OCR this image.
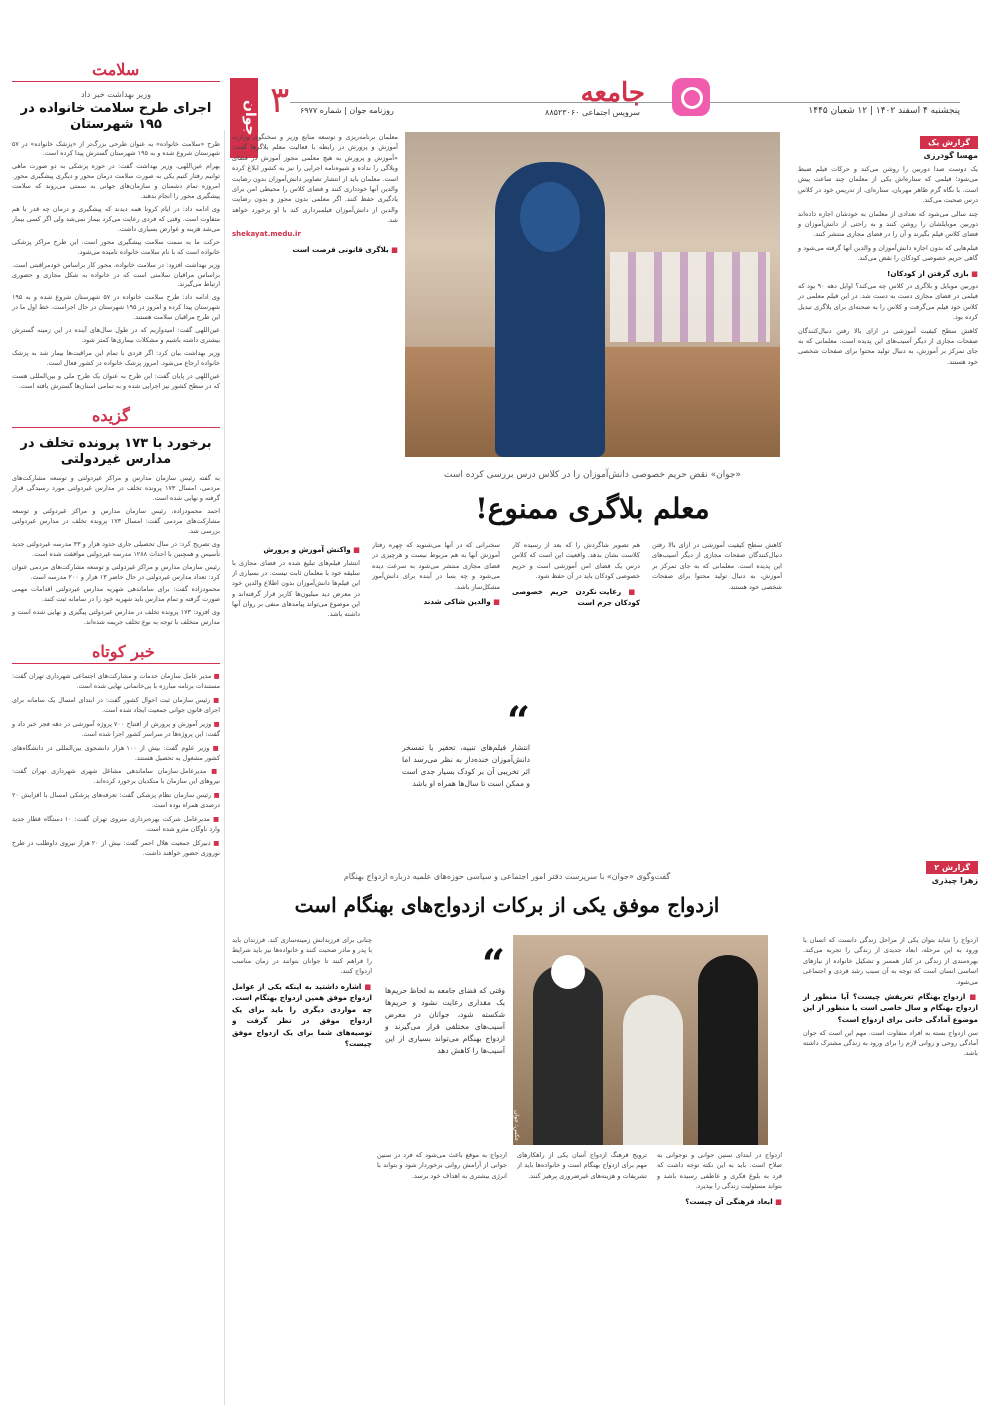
جوان ۳ روزنامه جوان | شماره ۶۹۷۷
جامعه
سرویس اجتماعی ۸۸۵۲۳۰۶۰	پنجشنبه ۴ اسفند ۱۴۰۲ | ۱۲ شعبان ۱۴۴۵
سلامت
وزیر بهداشت خبر داد
اجرای طرح سلامت خانواده در ۱۹۵ شهرستان

طرح «سلامت خانواده» به عنوان طرحی بزرگ‌تر از «پزشک خانواده» در ۵۷ شهرستان شروع شده و به ۱۹۵ شهرستان گسترش پیدا کرده است.

بهرام عین‌اللهی، وزیر بهداشت گفت: در حوزه پزشکی به دو صورت ماهی توانیم رفتار کنیم یکی به صورت سلامت درمان محور و دیگری پیشگیری محور. امروزه تمام دشمنان و سازمان‌های جهانی به سمتی می‌روند که سلامت پیشگیری محور را انجام بدهند.

وی ادامه داد: در ایام کرونا همه دیدند که پیشگیری و درمان چه قدر با هم متفاوت است. وقتی که فردی رعایت می‌کرد بیمار نمی‌شد ولی اگر کسی بیمار می‌شد هزینه و عوارض بسیاری داشت.

حرکت ما به سمت سلامت پیشگیری محور است. این طرح مراکز پزشکی خانواده است که با نام سلامت خانواده نامیده می‌شود.

وزیر بهداشت افزود: در سلامت خانواده، محور کار براساس خودمراقبتی است. براساس مراقبان سلامتی است که در خانواده به شکل مجازی و حضوری ارتباط می‌گیرند.

وی ادامه داد: طرح سلامت خانواده در ۵۷ شهرستان شروع شده و به ۱۹۵ شهرستان پیدا کرده و امروز در ۱۹۵ شهرستان در حال اجراست. خط اول ما در این طرح مراقبان سلامت هستند.

عین‌اللهی گفت: امیدواریم که در طول سال‌های آینده در این زمینه گسترش بیشتری داشته باشیم و مشکلات بیماری‌ها کمتر شود.

وزیر بهداشت بیان کرد: اگر فردی با تمام این مراقبت‌ها بیمار شد به پزشک خانواده ارجاع می‌شود. امروز پزشک خانواده در کشور فعال است.

عین‌اللهی در پایان گفت: این طرح به عنوان یک طرح ملی و بین‌المللی هست که در سطح کشور نیز اجرایی شده و به تمامی استان‌ها گسترش یافته است.

گزیده
برخورد با ۱۷۳ پرونده تخلف در مدارس غیردولتی

به گفته رئیس سازمان مدارس و مراکز غیردولتی و توسعه مشارکت‌های مردمی، امسال ۱۷۳ پرونده تخلف در مدارس غیردولتی مورد رسیدگی قرار گرفته و نهایی شده است.

احمد محمودزاده، رئیس سازمان مدارس و مراکز غیردولتی و توسعه مشارکت‌های مردمی گفت: امسال ۱۷۳ پرونده تخلف در مدارس غیردولتی بررسی شد.

وی تصریح کرد: در سال تحصیلی جاری حدود هزار و ۴۳ مدرسه غیردولتی جدید تأسیس و همچنین با احداث ۱۲۸۸ مدرسه غیردولتی موافقت شده است.

رئیس سازمان مدارس و مراکز غیردولتی و توسعه مشارکت‌های مردمی عنوان کرد: تعداد مدارس غیردولتی در حال حاضر ۱۳ هزار و ۲۰۰ مدرسه است.

محمودزاده گفت: برای ساماندهی شهریه مدارس غیردولتی اقدامات مهمی صورت گرفته و تمام مدارس باید شهریه خود را در سامانه ثبت کنند.

وی افزود: ۱۷۳ پرونده تخلف در مدارس غیردولتی پیگیری و نهایی شده است و مدارس متخلف با توجه به نوع تخلف جریمه شده‌اند.

خبر کوتاه
■ مدیر عامل سازمان خدمات و مشارکت‌های اجتماعی شهرداری تهران گفت: مستندات برنامه مبارزه با بی‌خانمانی نهایی شده است.
■ رئیس سازمان ثبت احوال کشور گفت: در ابتدای امسال یک سامانه برای اجرای قانون جوانی جمعیت ایجاد شده است.
■ وزیر آموزش و پرورش از افتتاح ۷۰۰ پروژه آموزشی در دهه فجر خبر داد و گفت: این پروژه‌ها در سراسر کشور اجرا شده است.
■ وزیر علوم گفت: بیش از ۱۰۰ هزار دانشجوی بین‌المللی در دانشگاه‌های کشور مشغول به تحصیل هستند.
■ مدیرعامل سازمان ساماندهی مشاغل شهری شهرداری تهران گفت: نیروهای این سازمان با متکدیان برخورد کرده‌اند.
■ رئیس سازمان نظام پزشکی گفت: تعرفه‌های پزشکی امسال با افزایش ۲۰ درصدی همراه بوده است.
■ مدیرعامل شرکت بهره‌برداری متروی تهران گفت: ۱۰ دستگاه قطار جدید وارد ناوگان مترو شده است.
■ دبیرکل جمعیت هلال احمر گفت: بیش از ۲۰ هزار نیروی داوطلب در طرح نوروزی حضور خواهند داشت.
گزارش یک
مهسا گودرزی

یک دوست صدا دوربین را روشن می‌کند و حرکات فیلم ضبط می‌شود؛ فیلمی که ستاره‌اش یکی از معلمان چند ساعت پیش است. با نگاه گرم ظاهر مهربان، ستاره‌ای، از تدریس خود در کلاس درس صحبت می‌کند.

چند سالی می‌شود که تعدادی از معلمان به خودشان اجازه داده‌اند دوربین موبایلشان را روشن کنند و به راحتی از دانش‌آموزان و فضای کلاس فیلم بگیرند و آن را در فضای مجازی منتشر کنند.

فیلم‌هایی که بدون اجازه دانش‌آموزان و والدین آنها گرفته می‌شود و گاهی حریم خصوصی کودکان را نقض می‌کند.

■ بازی گرفتن از کودکان!

دوربین موبایل و بلاگری در کلاس چه می‌کند؟ اوایل دهه ۹۰ بود که فیلمی در فضای مجازی دست به دست شد. در این فیلم معلمی در کلاس خود فیلم می‌گرفت و کلاس را به صحنه‌ای برای بلاگری تبدیل کرده بود.

کاهش سطح کیفیت آموزشی در ازای بالا رفتن دنبال‌کنندگان صفحات مجازی از دیگر آسیب‌های این پدیده است. معلمانی که به جای تمرکز بر آموزش، به دنبال تولید محتوا برای صفحات شخصی خود هستند.

معلمان برنامه‌ریزی و توسعه منابع وزیر و سخنگوی وزارت آموزش و پرورش در رابطه با فعالیت معلم بلاگرها گفت: «آموزش و پرورش به هیچ معلمی مجوز آموزش در فضای ویلاگی را نداده و شیوه‌نامه اجرایی را نیز به کشور ابلاغ کرده است. معلمان باید از انتشار تصاویر دانش‌آموزان بدون رضایت والدین آنها خودداری کنند و فضای کلاس را محیطی امن برای یادگیری حفظ کنند. اگر معلمی بدون مجوز و بدون رضایت والدین از دانش‌آموزان فیلمبرداری کند با او برخورد خواهد شد.

shekayat.medu.ir
■ بلاگری قانونی فرصت است
«جوان» نقض حریم خصوصی دانش‌آموزان را در کلاس درس بررسی کرده است
معلم بلاگری ممنوع!
■ واکنش آموزش و پرورش

انتشار فیلم‌های تبلیغ شده در فضای مجازی با سلیقه خود با معلمان ثابت نیست. در بسیاری از این فیلم‌ها دانش‌آموزان بدون اطلاع والدین خود در معرض دید میلیون‌ها کاربر قرار گرفته‌اند و این موضوع می‌تواند پیامدهای منفی بر روان آنها داشته باشد.

سخنرانی که در آنها می‌شنوید که چهره رفتار آموزش آنها به هم مربوط نیست و هرچیزی در فضای مجازی منتشر می‌شود به سرعت دیده می‌شود و چه بسا در آینده برای دانش‌آموز مشکل‌ساز باشد.

■ والدین شاکی شدند

هم تصویر شاگردش را که بعد از رسیده کار کلاست نشان بدهد. واقعیت این است که کلاس درس یک فضای امن آموزشی است و حریم خصوصی کودکان باید در آن حفظ شود.

■ رعایت نکردن حریم خصوصی کودکان جرم است

کاهش سطح کیفیت آموزشی در ازای بالا رفتن دنبال‌کنندگان صفحات مجازی از دیگر آسیب‌های این پدیده است. معلمانی که به جای تمرکز بر آموزش، به دنبال تولید محتوا برای صفحات شخصی خود هستند.

“
انتشار فیلم‌های تنبیه، تحقیر یا تمسخر دانش‌آموزان خنده‌دار به نظر می‌رسد اما اثر تخریبی آن بر کودک بسیار جدی است و ممکن است تا سال‌ها همراه او باشد
گزارش ۲
زهرا چیذری
گفت‌وگوی «جوان» با سرپرست دفتر امور اجتماعی و سیاسی حوزه‌های علمیه درباره ازدواج بهنگام
ازدواج موفق یکی از برکات ازدواج‌های بهنگام است
عکس: جوان

ازدواج را شاید بتوان یکی از مراحل زندگی دانست که انسان با ورود به این مرحله، ابعاد جدیدی از زندگی را تجربه می‌کند. بهره‌مندی از زندگی در کنار همسر و تشکیل خانواده از نیازهای اساسی انسان است که توجه به آن سبب رشد فردی و اجتماعی می‌شود.

■ ازدواج بهنگام تعریفش چیست؟ آیا منظور از ازدواج بهنگام و سال خاصی است یا منظور از این موضوع آمادگی خانی برای ازدواج است؟

سن ازدواج بسته به افراد متفاوت است. مهم این است که جوان آمادگی روحی و روانی لازم را برای ورود به زندگی مشترک داشته باشد.

“
وقتی که فضای جامعه به لحاظ حریم‌ها یک مقداری رعایت نشود و حریم‌ها شکسته شود، جوانان در معرض آسیب‌های مختلفی قرار می‌گیرند و ازدواج بهنگام می‌تواند بسیاری از این آسیب‌ها را کاهش دهد

چنانی برای فرزندانش زمینه‌سازی کند. فرزندان باید با پدر و مادر صحبت کنند و خانواده‌ها نیز باید شرایط را فراهم کنند تا جوانان بتوانند در زمان مناسب ازدواج کنند.

■ اشاره داشتید به اینکه یکی از عوامل ازدواج موفق همین ازدواج بهنگام است. چه مواردی دیگری را باید برای یک ازدواج موفق در نظر گرفت و توصیه‌های شما برای یک ازدواج موفق چیست؟

ازدواج به موقع باعث می‌شود که فرد در سنین جوانی از آرامش روانی برخوردار شود و بتواند با انرژی بیشتری به اهداف خود برسد.

ترویج فرهنگ ازدواج آسان یکی از راهکارهای مهم برای ازدواج بهنگام است و خانواده‌ها باید از تشریفات و هزینه‌های غیرضروری پرهیز کنند.

ازدواج در ابتدای سنین جوانی و نوجوانی به صلاح است. باید به این نکته توجه داشت که فرد به بلوغ فکری و عاطفی رسیده باشد و بتواند مسئولیت زندگی را بپذیرد.

■ ابعاد فرهنگی آن چیست؟
